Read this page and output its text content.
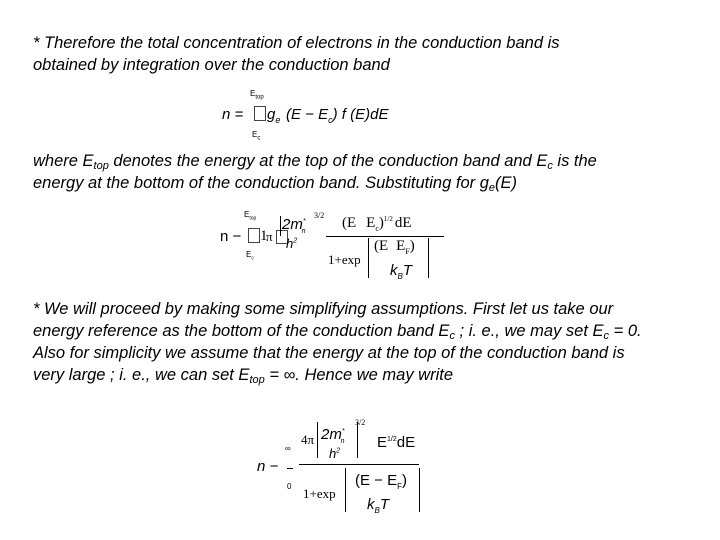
* Therefore the total concentration of electrons in the conduction band is
obtained by integration over the conduction band
$E_{top}$
$n = g_e$ $(E - E_c)$ f (E)dE
$E_c$
where $E_{top}$ denotes the energy at the top of the conduction band and $E_c$ is the
energy at the bottom of the conduction band. Substituting for $g_e(E)$
$E_{top}$
n − 1
π
$2m^*_n$
$h^2$
3/2 (E $E_c)^{1/2}$ dE
(E $E_F$)
1+exp
$k_BT$
$E_c$
* We will proceed by making some simplifying assumptions. First let us take our
energy reference as the bottom of the conduction band $E_c$ ; i. e., we may set $E_c = 0$.
Also for simplicity we assume that the energy at the top of the conduction band is
very large ; i. e., we can set $E_{top}$ = ∞. Hence we may write
∞
n −
4π $2m^*_n$
$h^2$
3/2
$E^{1/2}dE$
0	$(E - E_F)$
1+exp
$k_BT$
